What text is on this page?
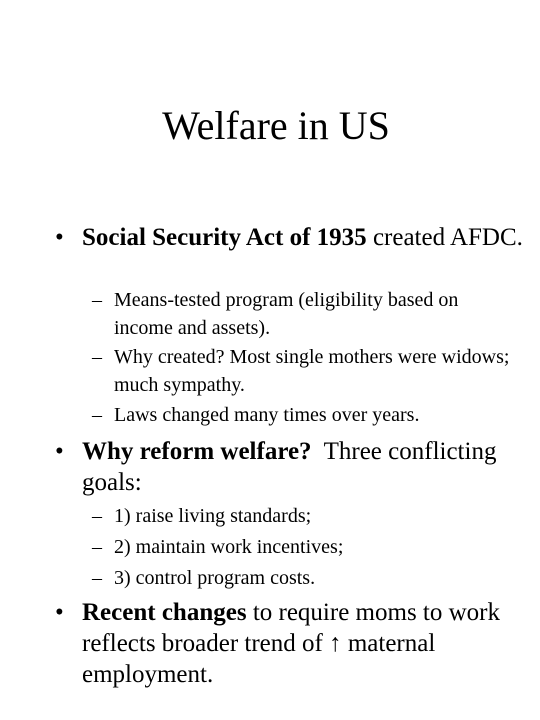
Welfare in US
• Social Security Act of 1935 created AFDC.
– Means-tested program (eligibility based on income and assets).
– Why created? Most single mothers were widows; much sympathy.
– Laws changed many times over years.
• Why reform welfare?  Three conflicting goals:
– 1) raise living standards;
– 2) maintain work incentives;
– 3) control program costs.
• Recent changes to require moms to work reflects broader trend of ↑ maternal employment.
